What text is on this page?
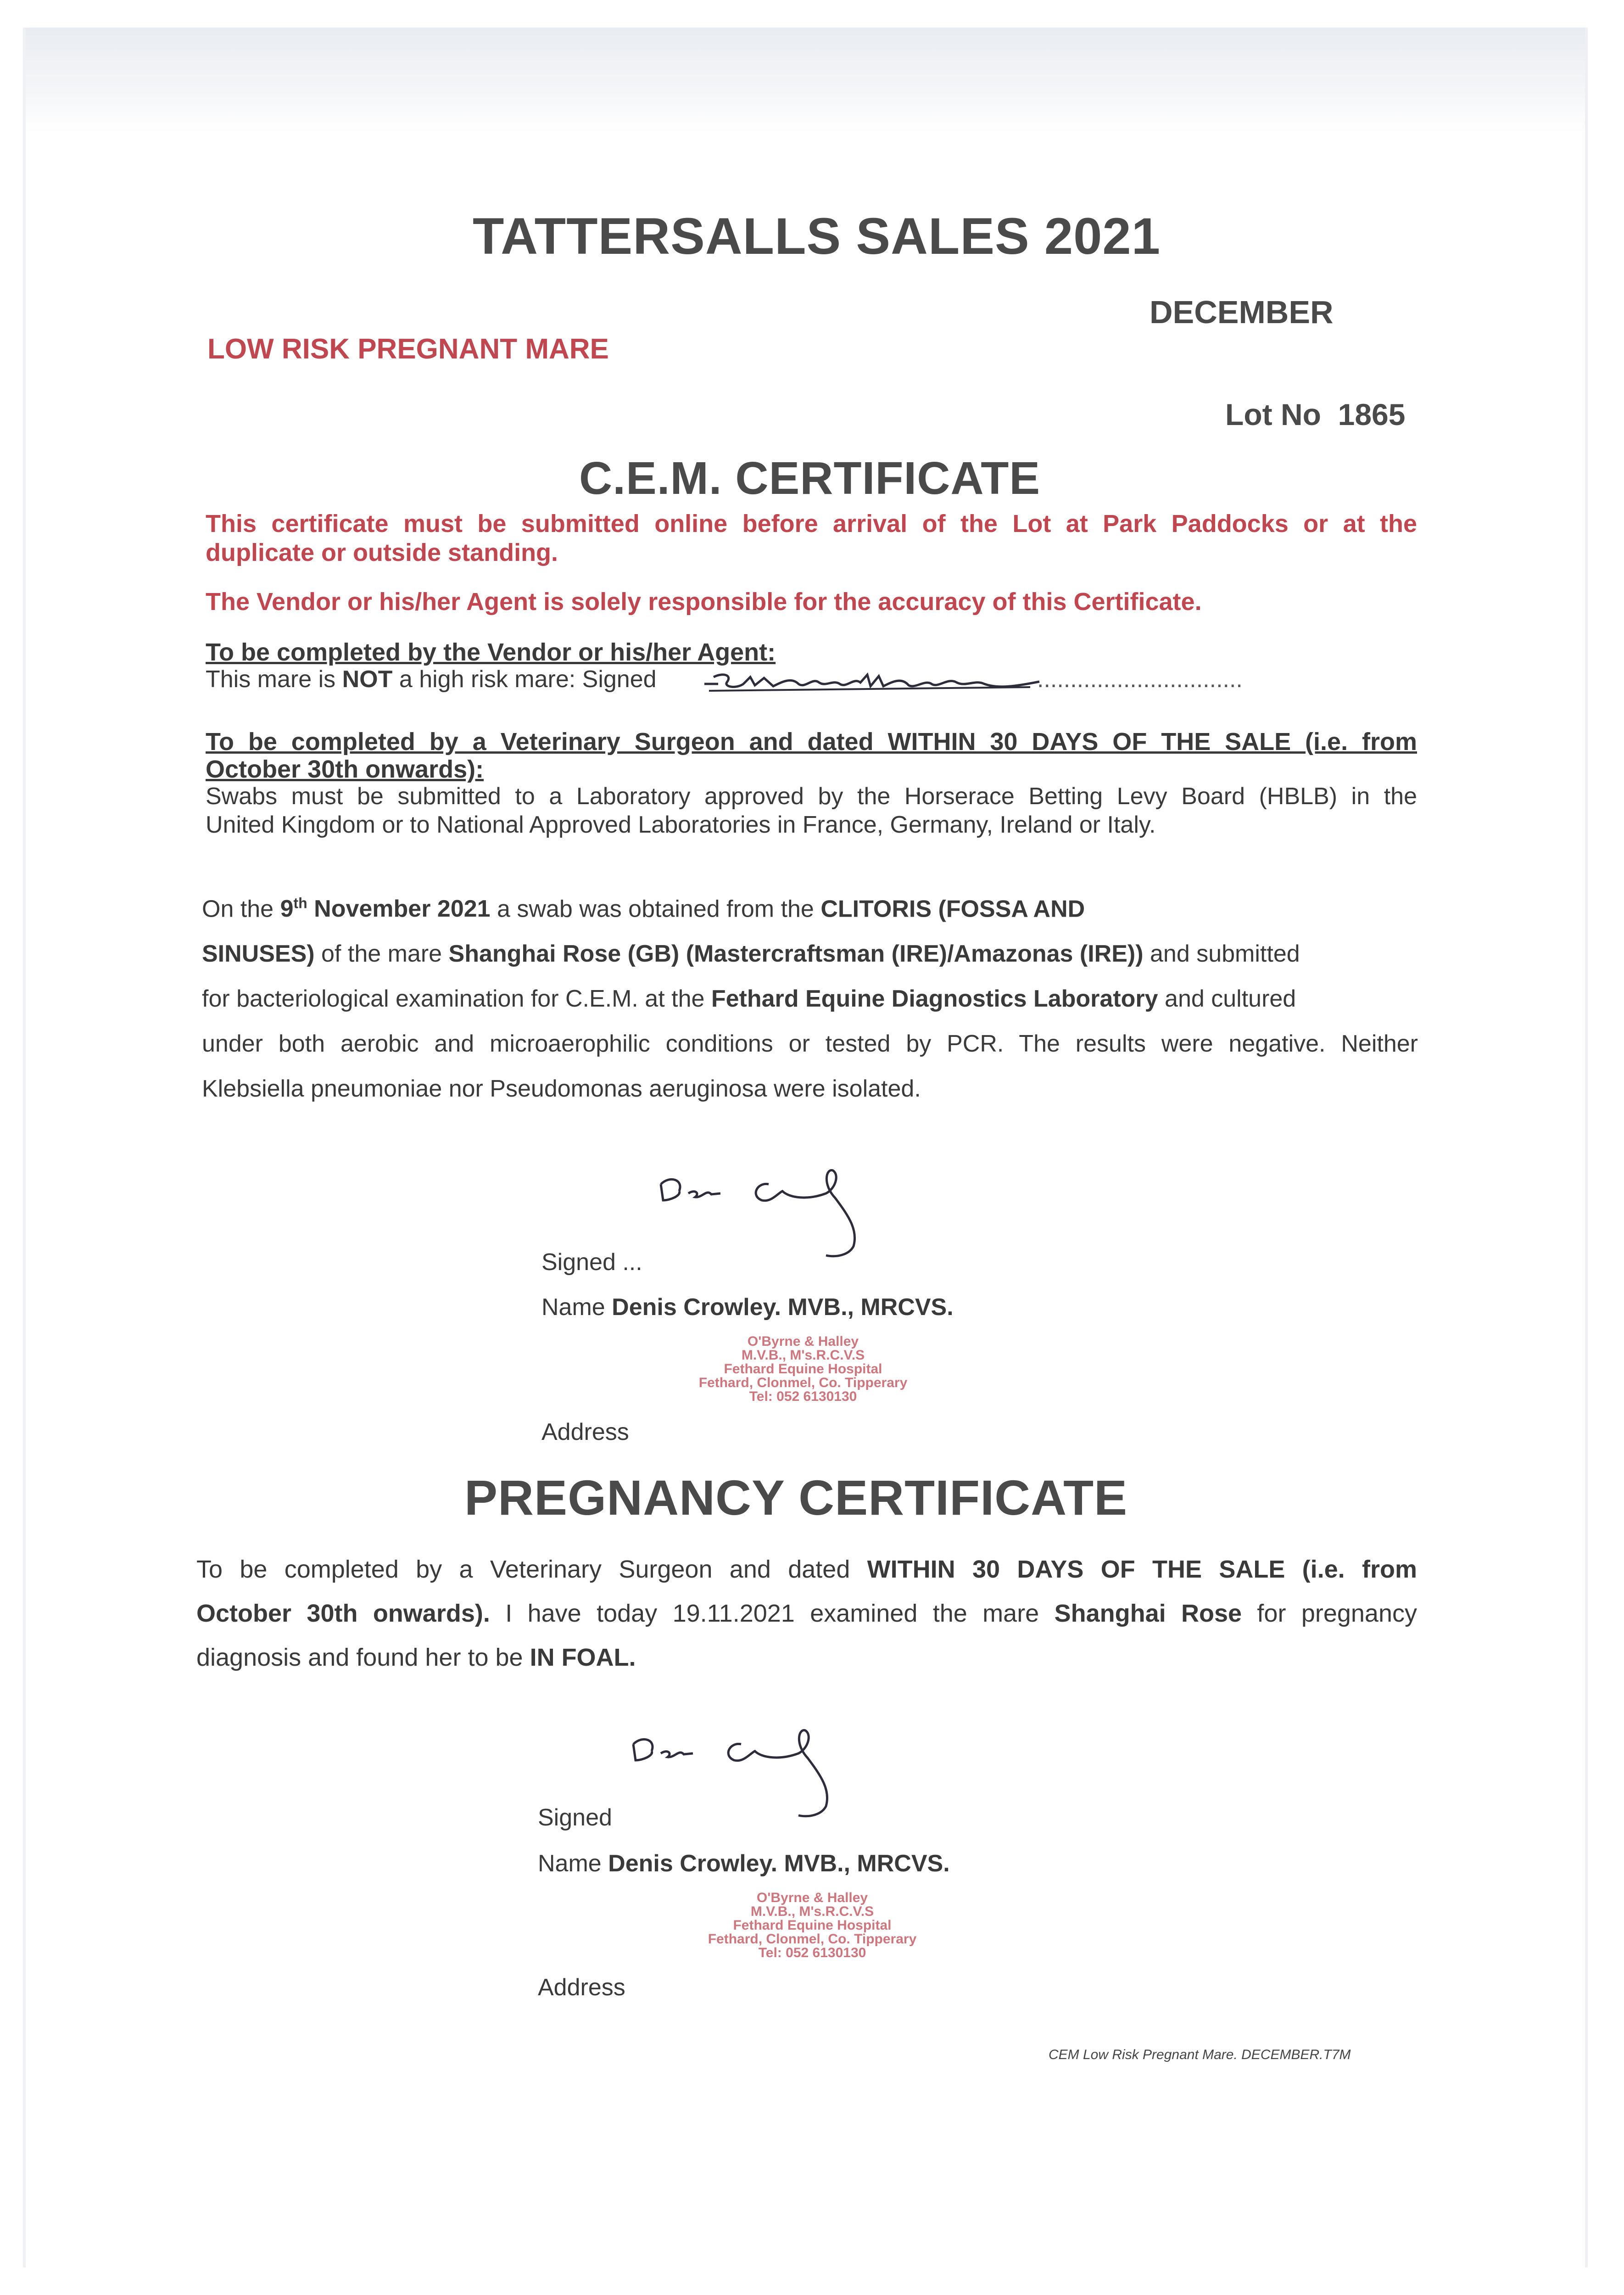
TATTERSALLS SALES 2021
DECEMBER
LOW RISK PREGNANT MARE
Lot No 1865
C.E.M. CERTIFICATE
This certificate must be submitted online before arrival of the Lot at Park Paddocks or at the
duplicate or outside standing.
The Vendor or his/her Agent is solely responsible for the accuracy of this Certificate.
To be completed by the Vendor or his/her Agent:
This mare is NOT a high risk mare: Signed	...............................
To be completed by a Veterinary Surgeon and dated WITHIN 30 DAYS OF THE SALE (i.e. from
October 30th onwards):
Swabs must be submitted to a Laboratory approved by the Horserace Betting Levy Board (HBLB) in the
United Kingdom or to National Approved Laboratories in France, Germany, Ireland or Italy.
On the 9th November 2021 a swab was obtained from the CLITORIS (FOSSA AND
SINUSES) of the mare Shanghai Rose (GB) (Mastercraftsman (IRE)/Amazonas (IRE)) and submitted
for bacteriological examination for C.E.M. at the Fethard Equine Diagnostics Laboratory and cultured
under both aerobic and microaerophilic conditions or tested by PCR. The results were negative. Neither
Klebsiella pneumoniae nor Pseudomonas aeruginosa were isolated.
Signed ...
Name Denis Crowley. MVB., MRCVS.
O'Byrne & Halley
M.V.B., M's.R.C.V.S
Fethard Equine Hospital
Fethard, Clonmel, Co. Tipperary
Tel: 052 6130130
Address
PREGNANCY CERTIFICATE
To be completed by a Veterinary Surgeon and dated WITHIN 30 DAYS OF THE SALE (i.e. from
October 30th onwards). I have today 19.11.2021 examined the mare Shanghai Rose for pregnancy
diagnosis and found her to be IN FOAL.
Signed
Name Denis Crowley. MVB., MRCVS.
O'Byrne & Halley
M.V.B., M's.R.C.V.S
Fethard Equine Hospital
Fethard, Clonmel, Co. Tipperary
Tel: 052 6130130
Address
CEM Low Risk Pregnant Mare. DECEMBER.T7M
